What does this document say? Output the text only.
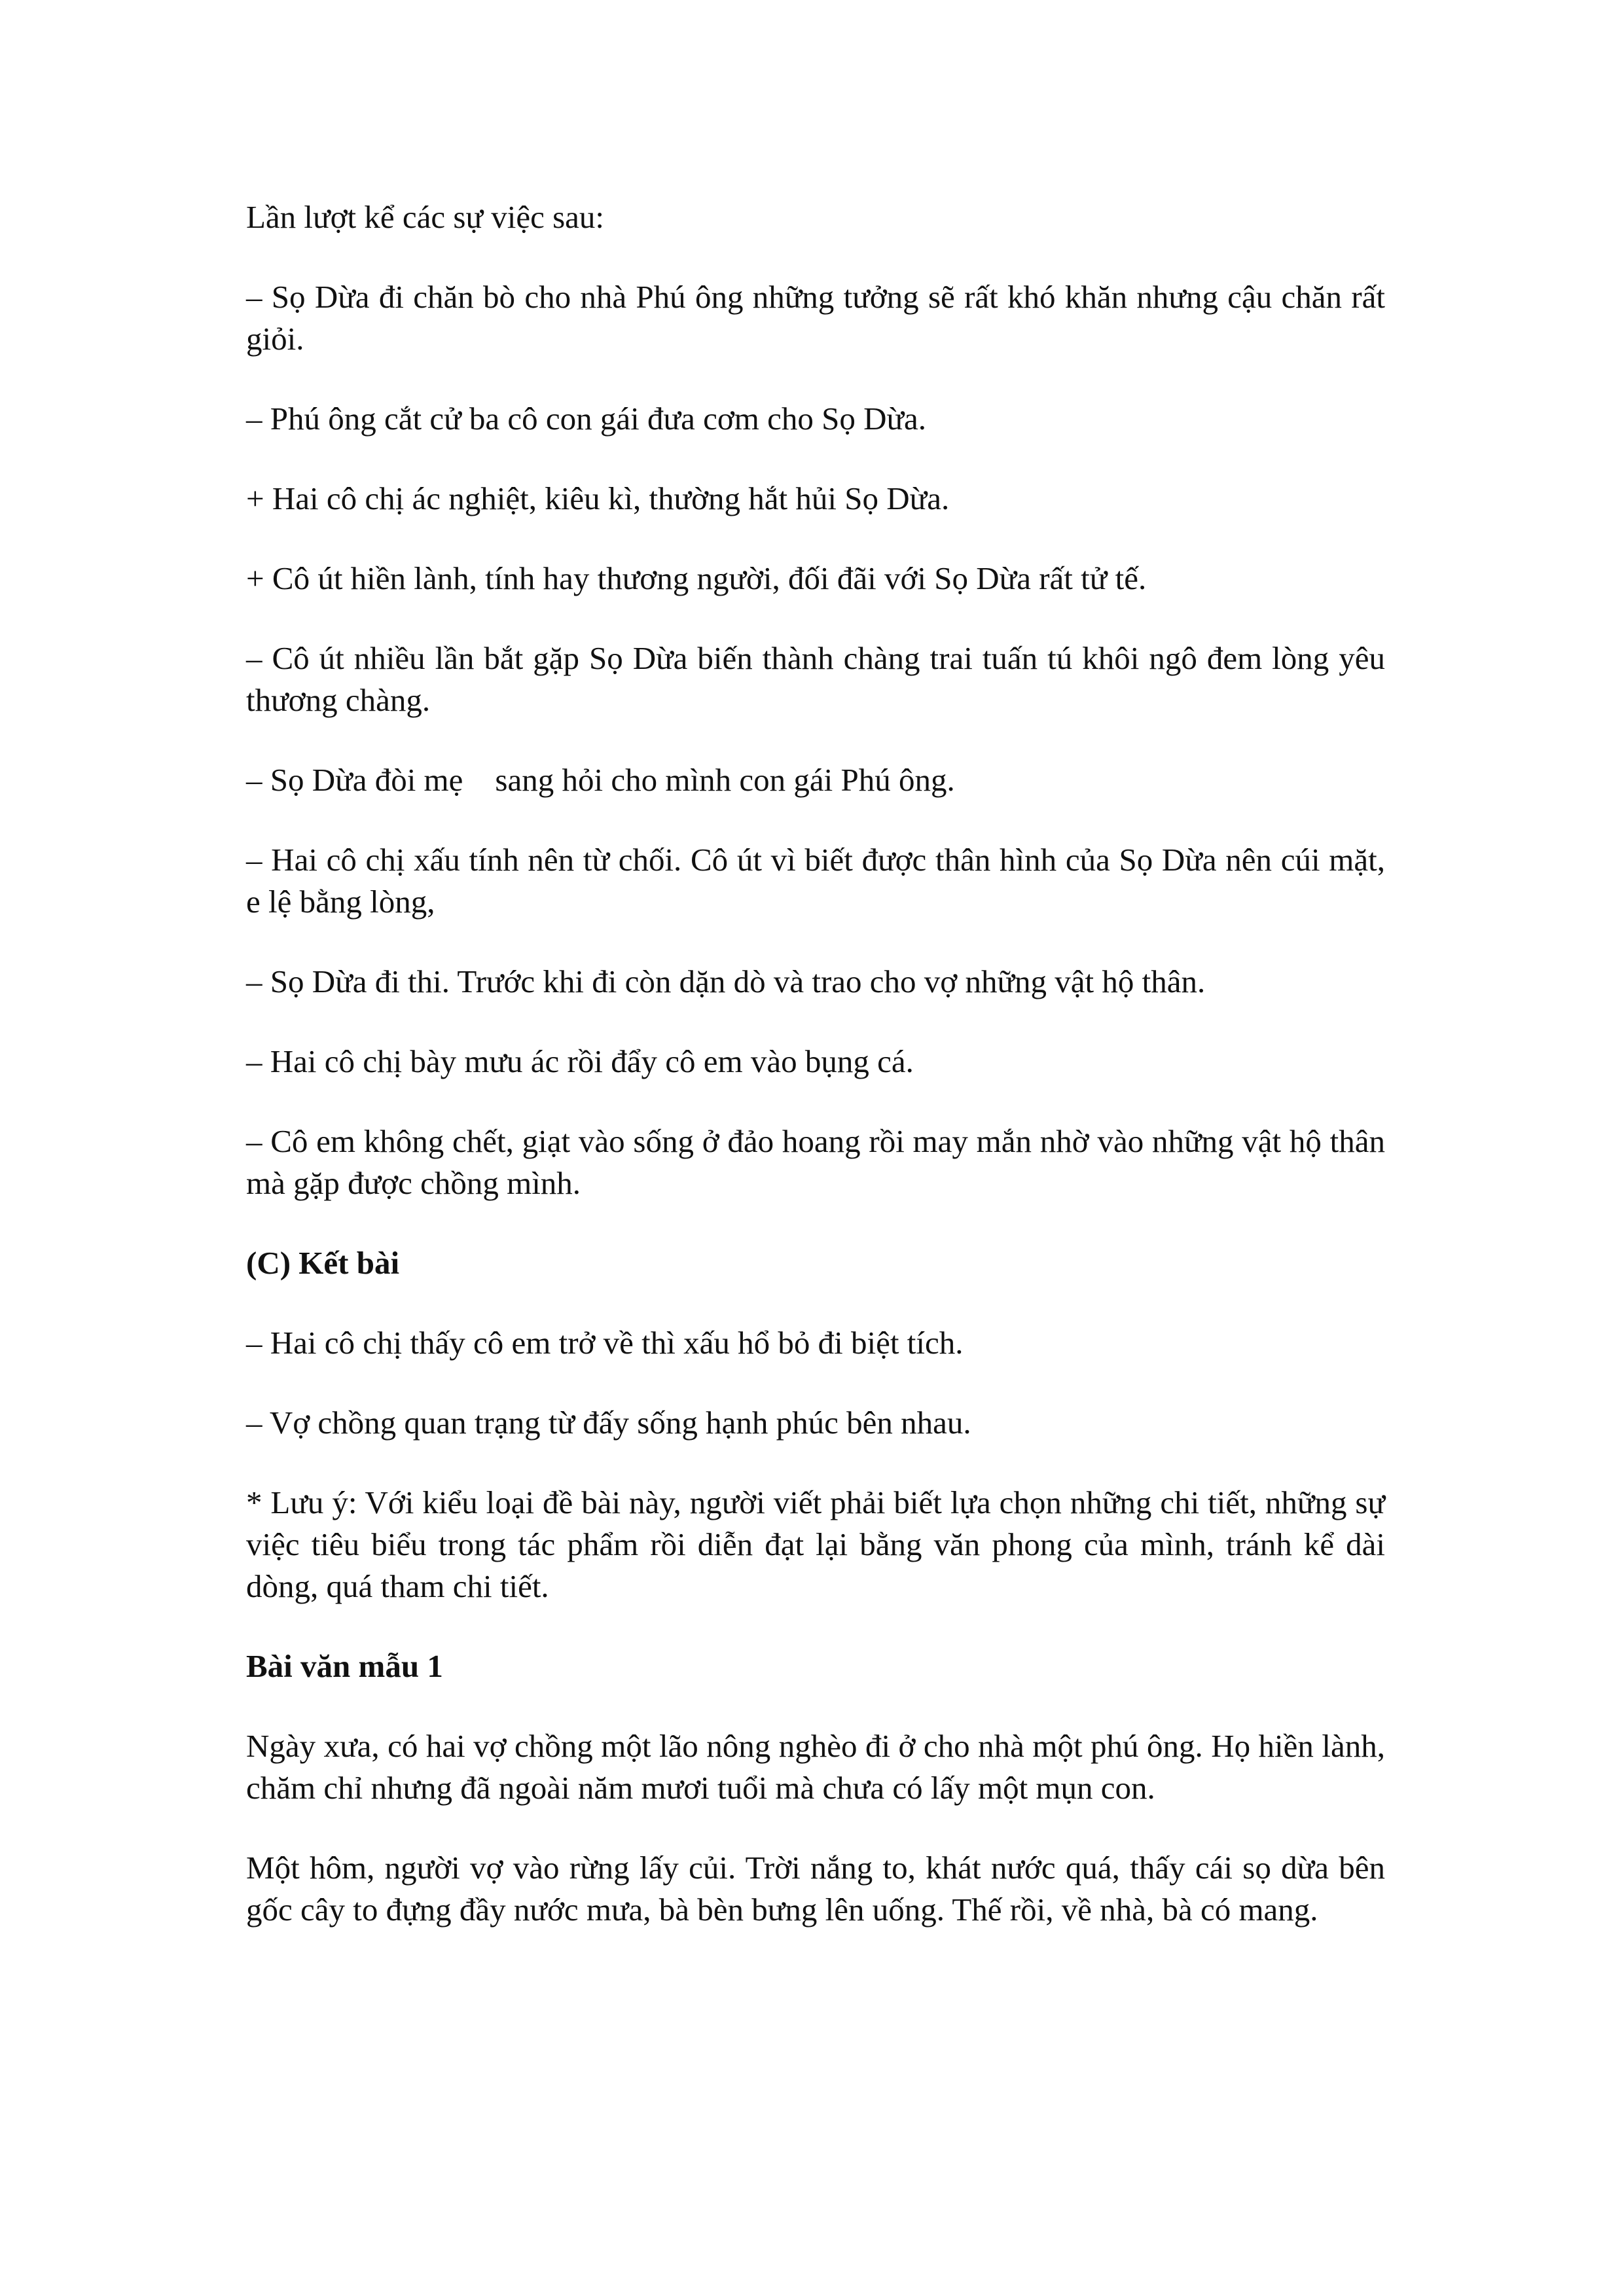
Lần lượt kể các sự việc sau:

– Sọ Dừa đi chăn bò cho nhà Phú ông những tưởng sẽ rất khó khăn nhưng cậu chăn rất giỏi.

– Phú ông cắt cử ba cô con gái đưa cơm cho Sọ Dừa.

+ Hai cô chị ác nghiệt, kiêu kì, thường hắt hủi Sọ Dừa.

+ Cô út hiền lành, tính hay thương người, đối đãi với Sọ Dừa rất tử tế.

– Cô út nhiều lần bắt gặp Sọ Dừa biến thành chàng trai tuấn tú khôi ngô đem lòng yêu thương chàng.

– Sọ Dừa đòi mẹ    sang hỏi cho mình con gái Phú ông.

– Hai cô chị xấu tính nên từ chối. Cô út vì biết được thân hình của Sọ Dừa nên cúi mặt, e lệ bằng lòng,

– Sọ Dừa đi thi. Trước khi đi còn dặn dò và trao cho vợ những vật hộ thân.

– Hai cô chị bày mưu ác rồi đẩy cô em vào bụng cá.

– Cô em không chết, giạt vào sống ở đảo hoang rồi may mắn nhờ vào những vật hộ thân mà gặp được chồng mình.

(C) Kết bài

– Hai cô chị thấy cô em trở về thì xấu hổ bỏ đi biệt tích.

– Vợ chồng quan trạng từ đấy sống hạnh phúc bên nhau.

* Lưu ý: Với kiểu loại đề bài này, người viết phải biết lựa chọn những chi tiết, những sự việc tiêu biểu trong tác phẩm rồi diễn đạt lại bằng văn phong của mình, tránh kể dài dòng, quá tham chi tiết.

Bài văn mẫu 1

Ngày xưa, có hai vợ chồng một lão nông nghèo đi ở cho nhà một phú ông. Họ hiền lành, chăm chỉ nhưng đã ngoài năm mươi tuổi mà chưa có lấy một mụn con.

Một hôm, người vợ vào rừng lấy củi. Trời nắng to, khát nước quá, thấy cái sọ dừa bên gốc cây to đựng đầy nước mưa, bà bèn bưng lên uống. Thế rồi, về nhà, bà có mang.
